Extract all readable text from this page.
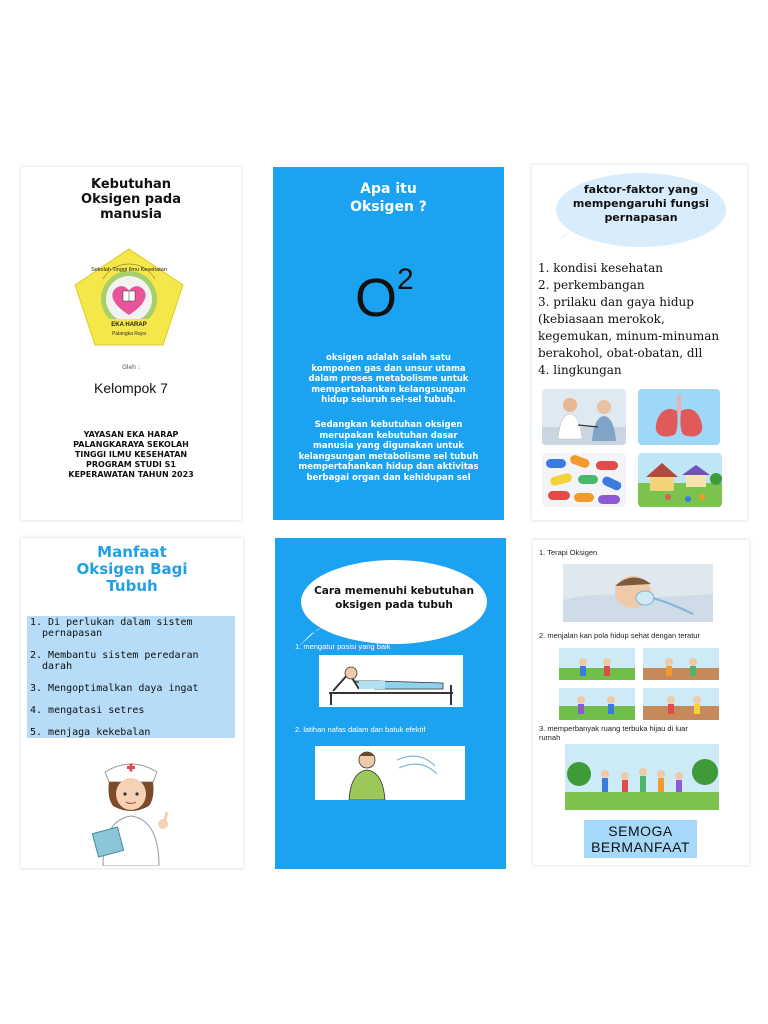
Kebutuhan
Oksigen pada
manusia
Sekolah Tinggi Ilmu Kesehatan
EKA HARAP
Palangka Raya
Oleh :
Kelompok 7
YAYASAN EKA HARAP
PALANGKARAYA SEKOLAH
TINGGI ILMU KESEHATAN
PROGRAM STUDI S1
KEPERAWATAN TAHUN 2023
Apa itu
Oksigen ?
$O^2$
oksigen adalah salah satu
komponen gas dan unsur utama
dalam proses metabolisme untuk
mempertahankan kelangsungan
hidup seluruh sel-sel tubuh.
Sedangkan kebutuhan oksigen
merupakan kebutuhan dasar
manusia yang digunakan untuk
kelangsungan metabolisme sel tubuh
mempertahankan hidup dan aktivitas
berbagai organ dan kehidupan sel
faktor-faktor yang
mempengaruhi fungsi
pernapasan
1. kondisi kesehatan
2. perkembangan
3. prilaku dan gaya hidup
(kebiasaan merokok,
kegemukan, minum-minuman
berakohol, obat-obatan, dll
4. lingkungan
Manfaat
Oksigen Bagi
Tubuh
1. Di perlukan dalam sistem
pernapasan
2. Membantu sistem peredaran
darah
3. Mengoptimalkan daya ingat
4. mengatasi setres
5. menjaga kekebalan
Cara memenuhi kebutuhan
oksigen pada tubuh
1. mengatur posisi yang baik
2. latihan nafas dalam dan batuk efektif
1. Terapi Oksigen
2. menjalan kan pola hidup sehat dengan teratur
3. memperbanyak ruang terbuka hijau di luar
rumah
SEMOGA
BERMANFAAT
